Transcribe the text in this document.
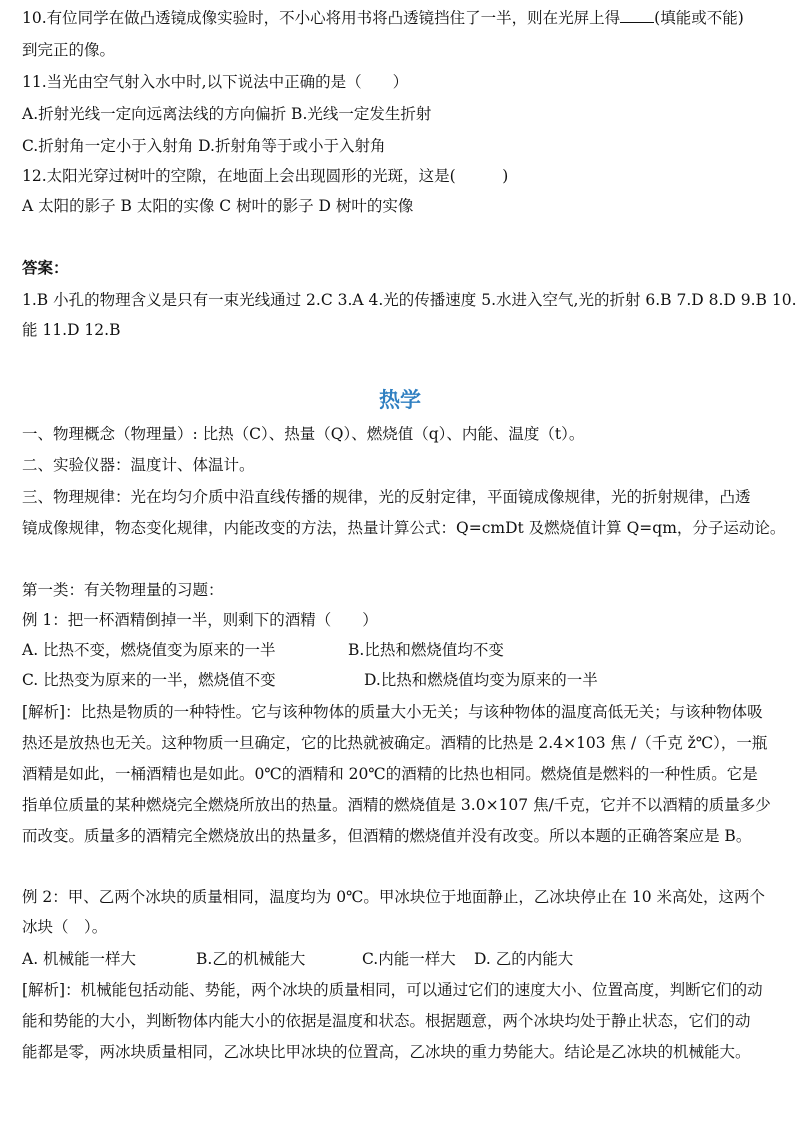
10.有位同学在做凸透镜成像实验时，不小心将用书将凸透镜挡住了一半，则在光屏上得 (填能或不能)
到完正的像。
11.当光由空气射入水中时,以下说法中正确的是（　　）
A.折射光线一定向远离法线的方向偏折 B.光线一定发生折射
C.折射角一定小于入射角 D.折射角等于或小于入射角
12.太阳光穿过树叶的空隙，在地面上会出现圆形的光斑，这是(　　　)
A 太阳的影子 B 太阳的实像 C 树叶的影子 D 树叶的实像
答案：
1.B 小孔的物理含义是只有一束光线通过 2.C 3.A 4.光的传播速度 5.水进入空气,光的折射 6.B 7.D 8.D 9.B 10.
能 11.D 12.B
热学
一、物理概念（物理量）: 比热（C）、热量（Q）、燃烧值（q）、内能、温度（t）。
二、实验仪器：温度计、体温计。
三、物理规律：光在均匀介质中沿直线传播的规律，光的反射定律，平面镜成像规律，光的折射规律，凸透
镜成像规律，物态变化规律，内能改变的方法，热量计算公式：Q=cmDt 及燃烧值计算 Q=qm，分子运动论。
第一类：有关物理量的习题：
例 1：把一杯酒精倒掉一半，则剩下的酒精（　　）
A. 比热不变，燃烧值变为原来的一半	B.比热和燃烧值均不变
C. 比热变为原来的一半，燃烧值不变	D.比热和燃烧值均变为原来的一半
[解析]：比热是物质的一种特性。它与该种物体的质量大小无关；与该种物体的温度高低无关；与该种物体吸
热还是放热也无关。这种物质一旦确定，它的比热就被确定。酒精的比热是 2.4×103 焦 /（千克 ž℃），一瓶
酒精是如此，一桶酒精也是如此。0℃的酒精和 20℃的酒精的比热也相同。燃烧值是燃料的一种性质。它是
指单位质量的某种燃烧完全燃烧所放出的热量。酒精的燃烧值是 3.0×107 焦/千克，它并不以酒精的质量多少
而改变。质量多的酒精完全燃烧放出的热量多，但酒精的燃烧值并没有改变。所以本题的正确答案应是 B。
例 2：甲、乙两个冰块的质量相同，温度均为 0℃。甲冰块位于地面静止，乙冰块停止在 10 米高处，这两个
冰块（　）。
A. 机械能一样大	B.乙的机械能大	C.内能一样大 D. 乙的内能大
[解析]：机械能包括动能、势能，两个冰块的质量相同，可以通过它们的速度大小、位置高度，判断它们的动
能和势能的大小，判断物体内能大小的依据是温度和状态。根据题意，两个冰块均处于静止状态，它们的动
能都是零，两冰块质量相同，乙冰块比甲冰块的位置高，乙冰块的重力势能大。结论是乙冰块的机械能大。
